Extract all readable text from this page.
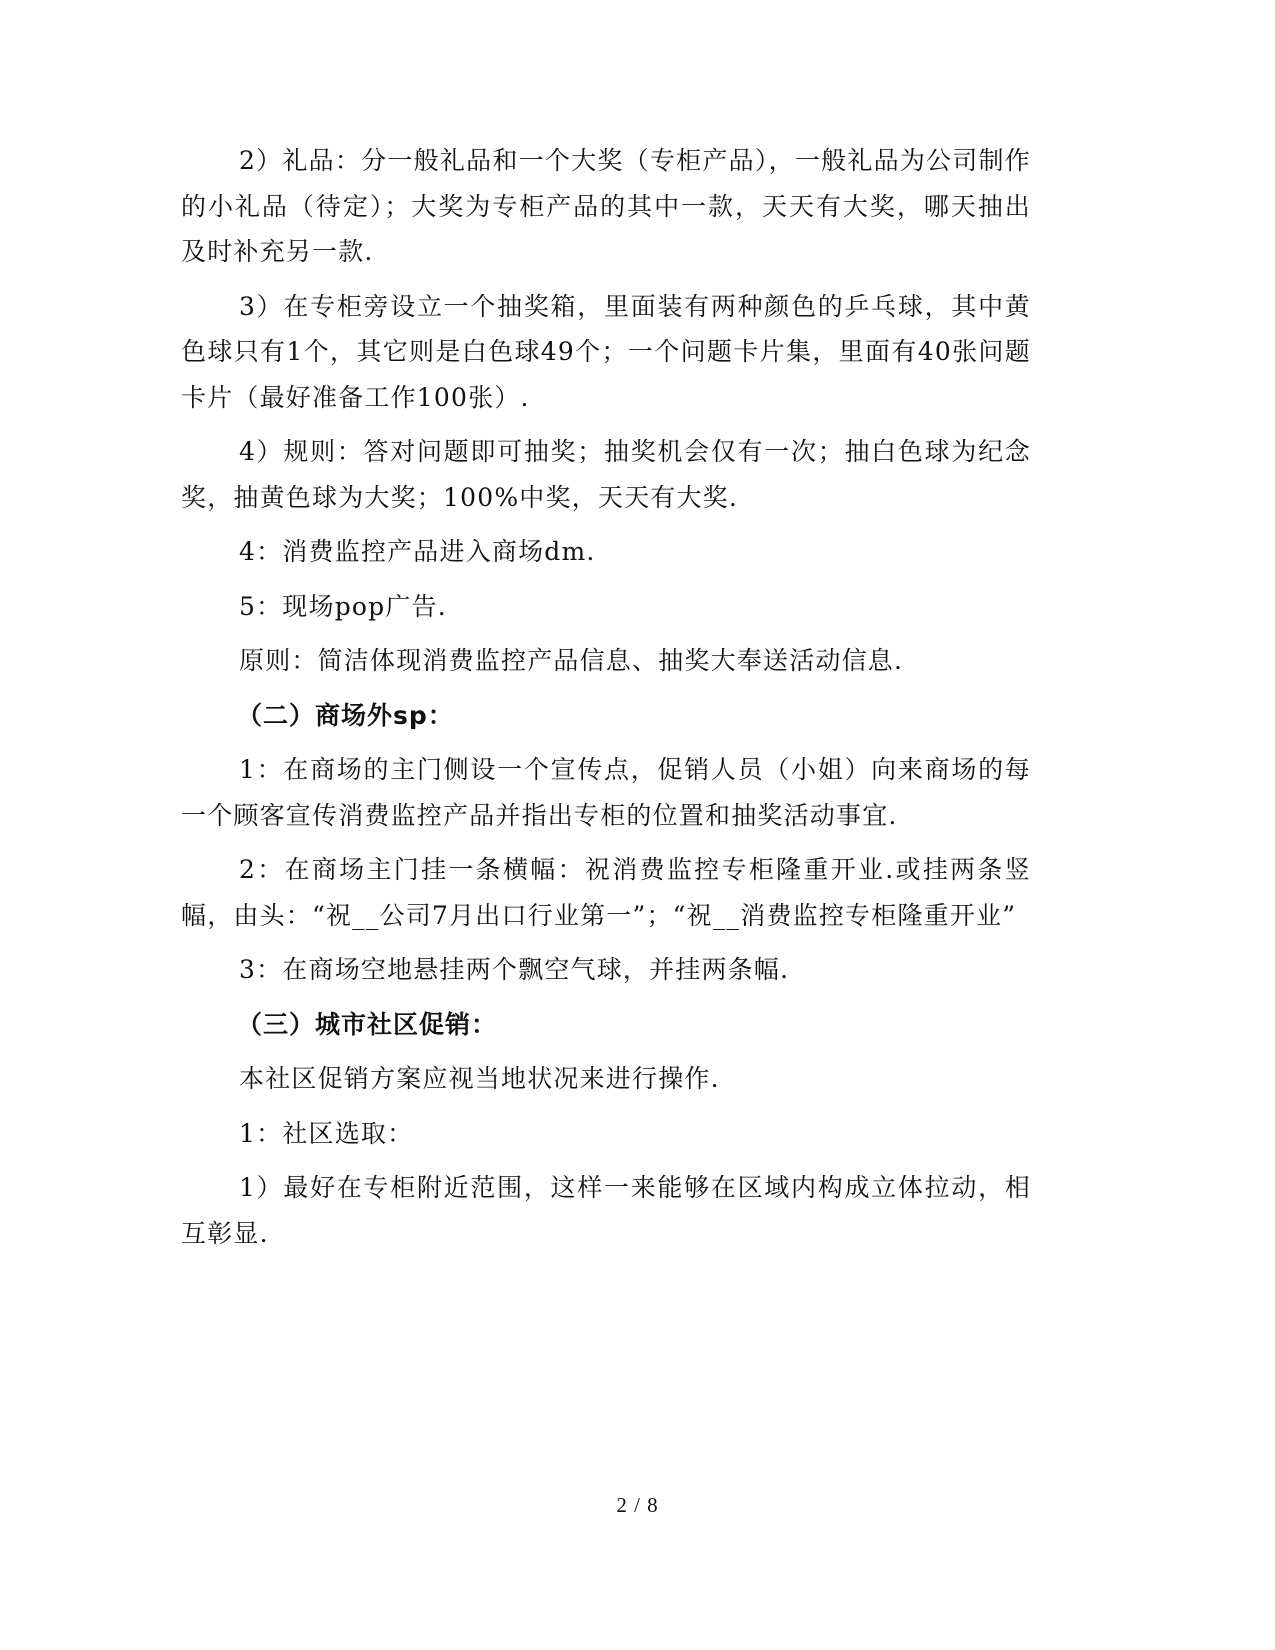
2）礼品：分一般礼品和一个大奖（专柜产品），一般礼品为公司制作的小礼品（待定）；大奖为专柜产品的其中一款，天天有大奖，哪天抽出及时补充另一款.

3）在专柜旁设立一个抽奖箱，里面装有两种颜色的乒乓球，其中黄色球只有1个，其它则是白色球49个；一个问题卡片集，里面有40张问题卡片（最好准备工作100张）.

4）规则：答对问题即可抽奖；抽奖机会仅有一次；抽白色球为纪念奖，抽黄色球为大奖；100%中奖，天天有大奖.

4：消费监控产品进入商场dm.

5：现场pop广告.

原则：简洁体现消费监控产品信息、抽奖大奉送活动信息.

（二）商场外sp：

1：在商场的主门侧设一个宣传点，促销人员（小姐）向来商场的每一个顾客宣传消费监控产品并指出专柜的位置和抽奖活动事宜.

2：在商场主门挂一条横幅：祝消费监控专柜隆重开业.或挂两条竖幅，由头：“祝__公司7月出口行业第一”；“祝__消费监控专柜隆重开业”

3：在商场空地悬挂两个飘空气球，并挂两条幅.

（三）城市社区促销：

本社区促销方案应视当地状况来进行操作.

1：社区选取：

1）最好在专柜附近范围，这样一来能够在区域内构成立体拉动，相互彰显.

2 / 8
